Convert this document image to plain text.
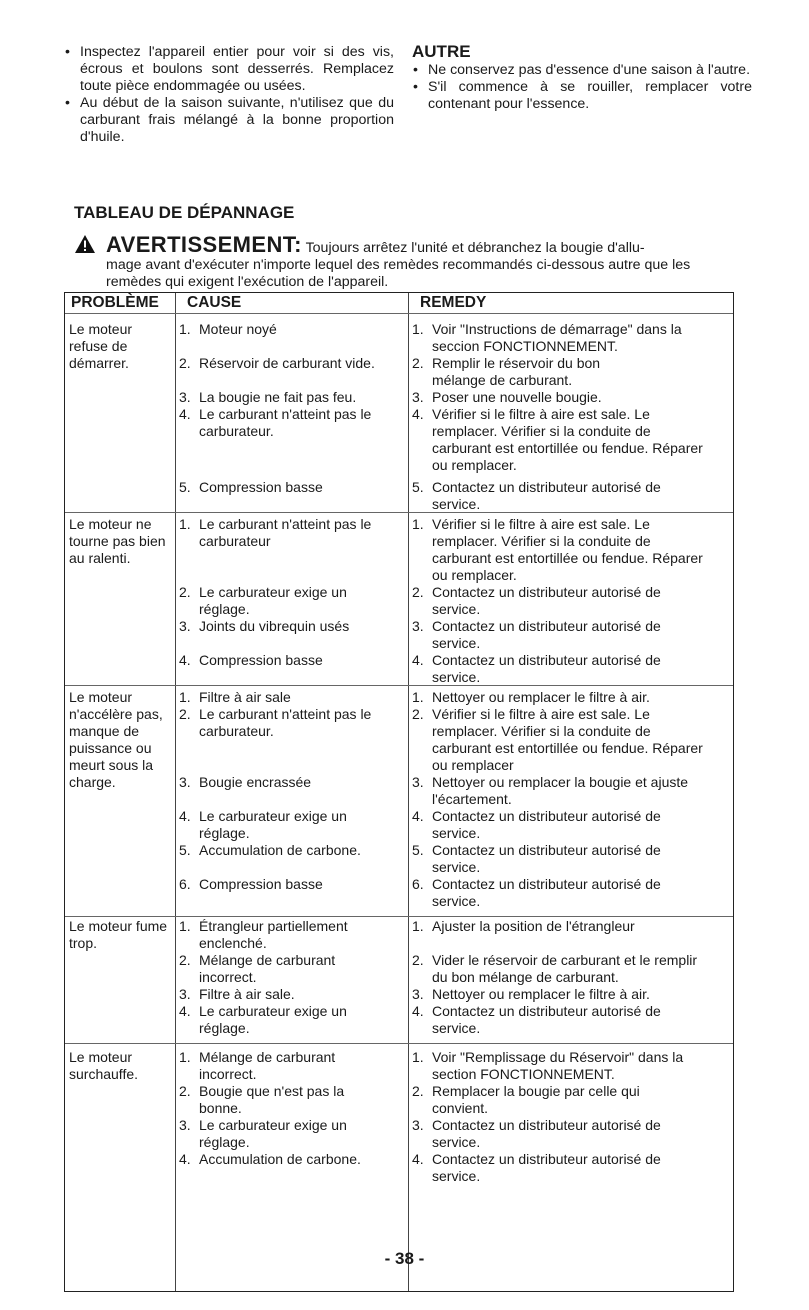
• Inspectez l'appareil entier pour voir si des vis, écrous et boulons sont desserrés. Remplacez toute pièce endommagée ou usées.
• Au début de la saison suivante, n'utilisez que du carburant frais mélangé à la bonne proportion d'huile.
AUTRE
• Ne conservez pas d'essence d'une saison à l'autre.
• S'il commence à se rouiller, remplacer votre contenant pour l'essence.
TABLEAU DE DÉPANNAGE
AVERTISSEMENT: Toujours arrêtez l'unité et débranchez la bougie d'allu-
mage avant d'exécuter n'importe lequel des remèdes recommandés ci-dessous autre que les remèdes qui exigent l'exécution de l'appareil.
PROBLÈME CAUSE	REMEDY
Le moteur refuse de démarrer.
1. Moteur noyé
2. Réservoir de carburant vide.
3. La bougie ne fait pas feu.
4. Le carburant n'atteint pas le carburateur.
5. Compression basse
1. Voir "Instructions de démarrage" dans la seccion FONCTIONNEMENT.
2. Remplir le réservoir du bon mélange de carburant.
3. Poser une nouvelle bougie.
4. Vérifier si le filtre à aire est sale. Le remplacer. Vérifier si la conduite de carburant est entortillée ou fendue. Réparer ou remplacer.
5. Contactez un distributeur autorisé de service.
Le moteur ne tourne pas bien au ralenti.
1. Le carburant n'atteint pas le carburateur
2. Le carburateur exige un réglage.
3. Joints du vibrequin usés
4. Compression basse
1. Vérifier si le filtre à aire est sale. Le remplacer. Vérifier si la conduite de carburant est entortillée ou fendue. Réparer ou remplacer.
2. Contactez un distributeur autorisé de service.
3. Contactez un distributeur autorisé de service.
4. Contactez un distributeur autorisé de service.
Le moteur n'accélère pas, manque de puissance ou meurt sous la charge.
1. Filtre à air sale
2. Le carburant n'atteint pas le carburateur.
3. Bougie encrassée
4. Le carburateur exige un réglage.
5. Accumulation de carbone.
6. Compression basse
1. Nettoyer ou remplacer le filtre à air.
2. Vérifier si le filtre à aire est sale. Le remplacer. Vérifier si la conduite de carburant est entortillée ou fendue. Réparer ou remplacer
3. Nettoyer ou remplacer la bougie et ajuste l'écartement.
4. Contactez un distributeur autorisé de service.
5. Contactez un distributeur autorisé de service.
6. Contactez un distributeur autorisé de service.
Le moteur fume trop.
1. Étrangleur partiellement enclenché.
2. Mélange de carburant incorrect.
3. Filtre à air sale.
4. Le carburateur exige un réglage.
1. Ajuster la position de l'étrangleur
2. Vider le réservoir de carburant et le remplir du bon mélange de carburant.
3. Nettoyer ou remplacer le filtre à air.
4. Contactez un distributeur autorisé de service.
Le moteur surchauffe.
1. Mélange de carburant incorrect.
2. Bougie que n'est pas la bonne.
3. Le carburateur exige un réglage.
4. Accumulation de carbone.
1. Voir "Remplissage du Réservoir" dans la section FONCTIONNEMENT.
2. Remplacer la bougie par celle qui convient.
3. Contactez un distributeur autorisé de service.
4. Contactez un distributeur autorisé de service.
- 38 -
